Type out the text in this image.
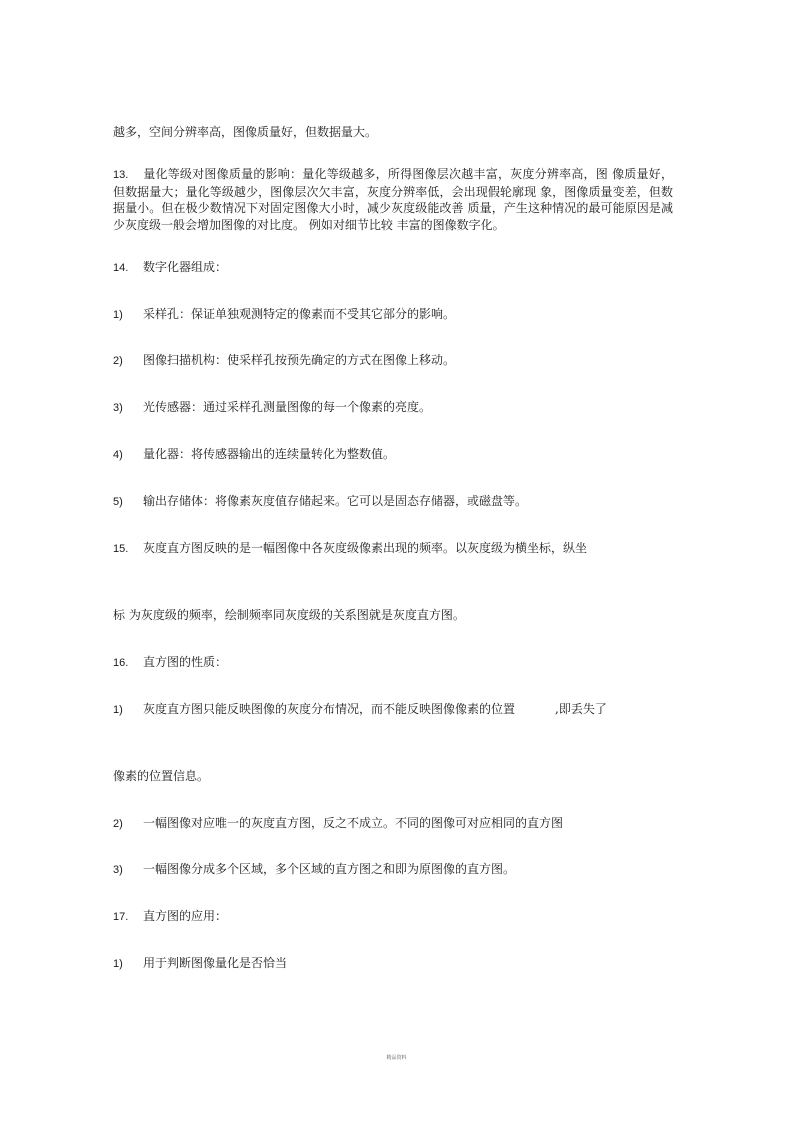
越多，空间分辨率高，图像质量好，但数据量大。
13. 量化等级对图像质量的影响：量化等级越多，所得图像层次越丰富，灰度分辨率高，图 像质量好，但数据量大；量化等级越少，图像层次欠丰富，灰度分辨率低，会出现假轮廓现 象，图像质量变差，但数据量小。但在极少数情况下对固定图像大小时，减少灰度级能改善 质量，产生这种情况的最可能原因是减少灰度级一般会增加图像的对比度。 例如对细节比较 丰富的图像数字化。
14. 数字化器组成：
1) 采样孔：保证单独观测特定的像素而不受其它部分的影响。
2) 图像扫描机构：使采样孔按预先确定的方式在图像上移动。
3) 光传感器：通过采样孔测量图像的每一个像素的亮度。
4) 量化器：将传感器输出的连续量转化为整数值。
5) 输出存储体：将像素灰度值存储起来。它可以是固态存储器，或磁盘等。
15. 灰度直方图反映的是一幅图像中各灰度级像素出现的频率。以灰度级为横坐标，纵坐
标 为灰度级的频率，绘制频率同灰度级的关系图就是灰度直方图。
16. 直方图的性质：
1) 灰度直方图只能反映图像的灰度分布情况，而不能反映图像像素的位置	,即丢失了
像素的位置信息。
2) 一幅图像对应唯一的灰度直方图，反之不成立。不同的图像可对应相同的直方图
3) 一幅图像分成多个区域，多个区域的直方图之和即为原图像的直方图。
17. 直方图的应用：
1) 用于判断图像量化是否恰当
精品资料
